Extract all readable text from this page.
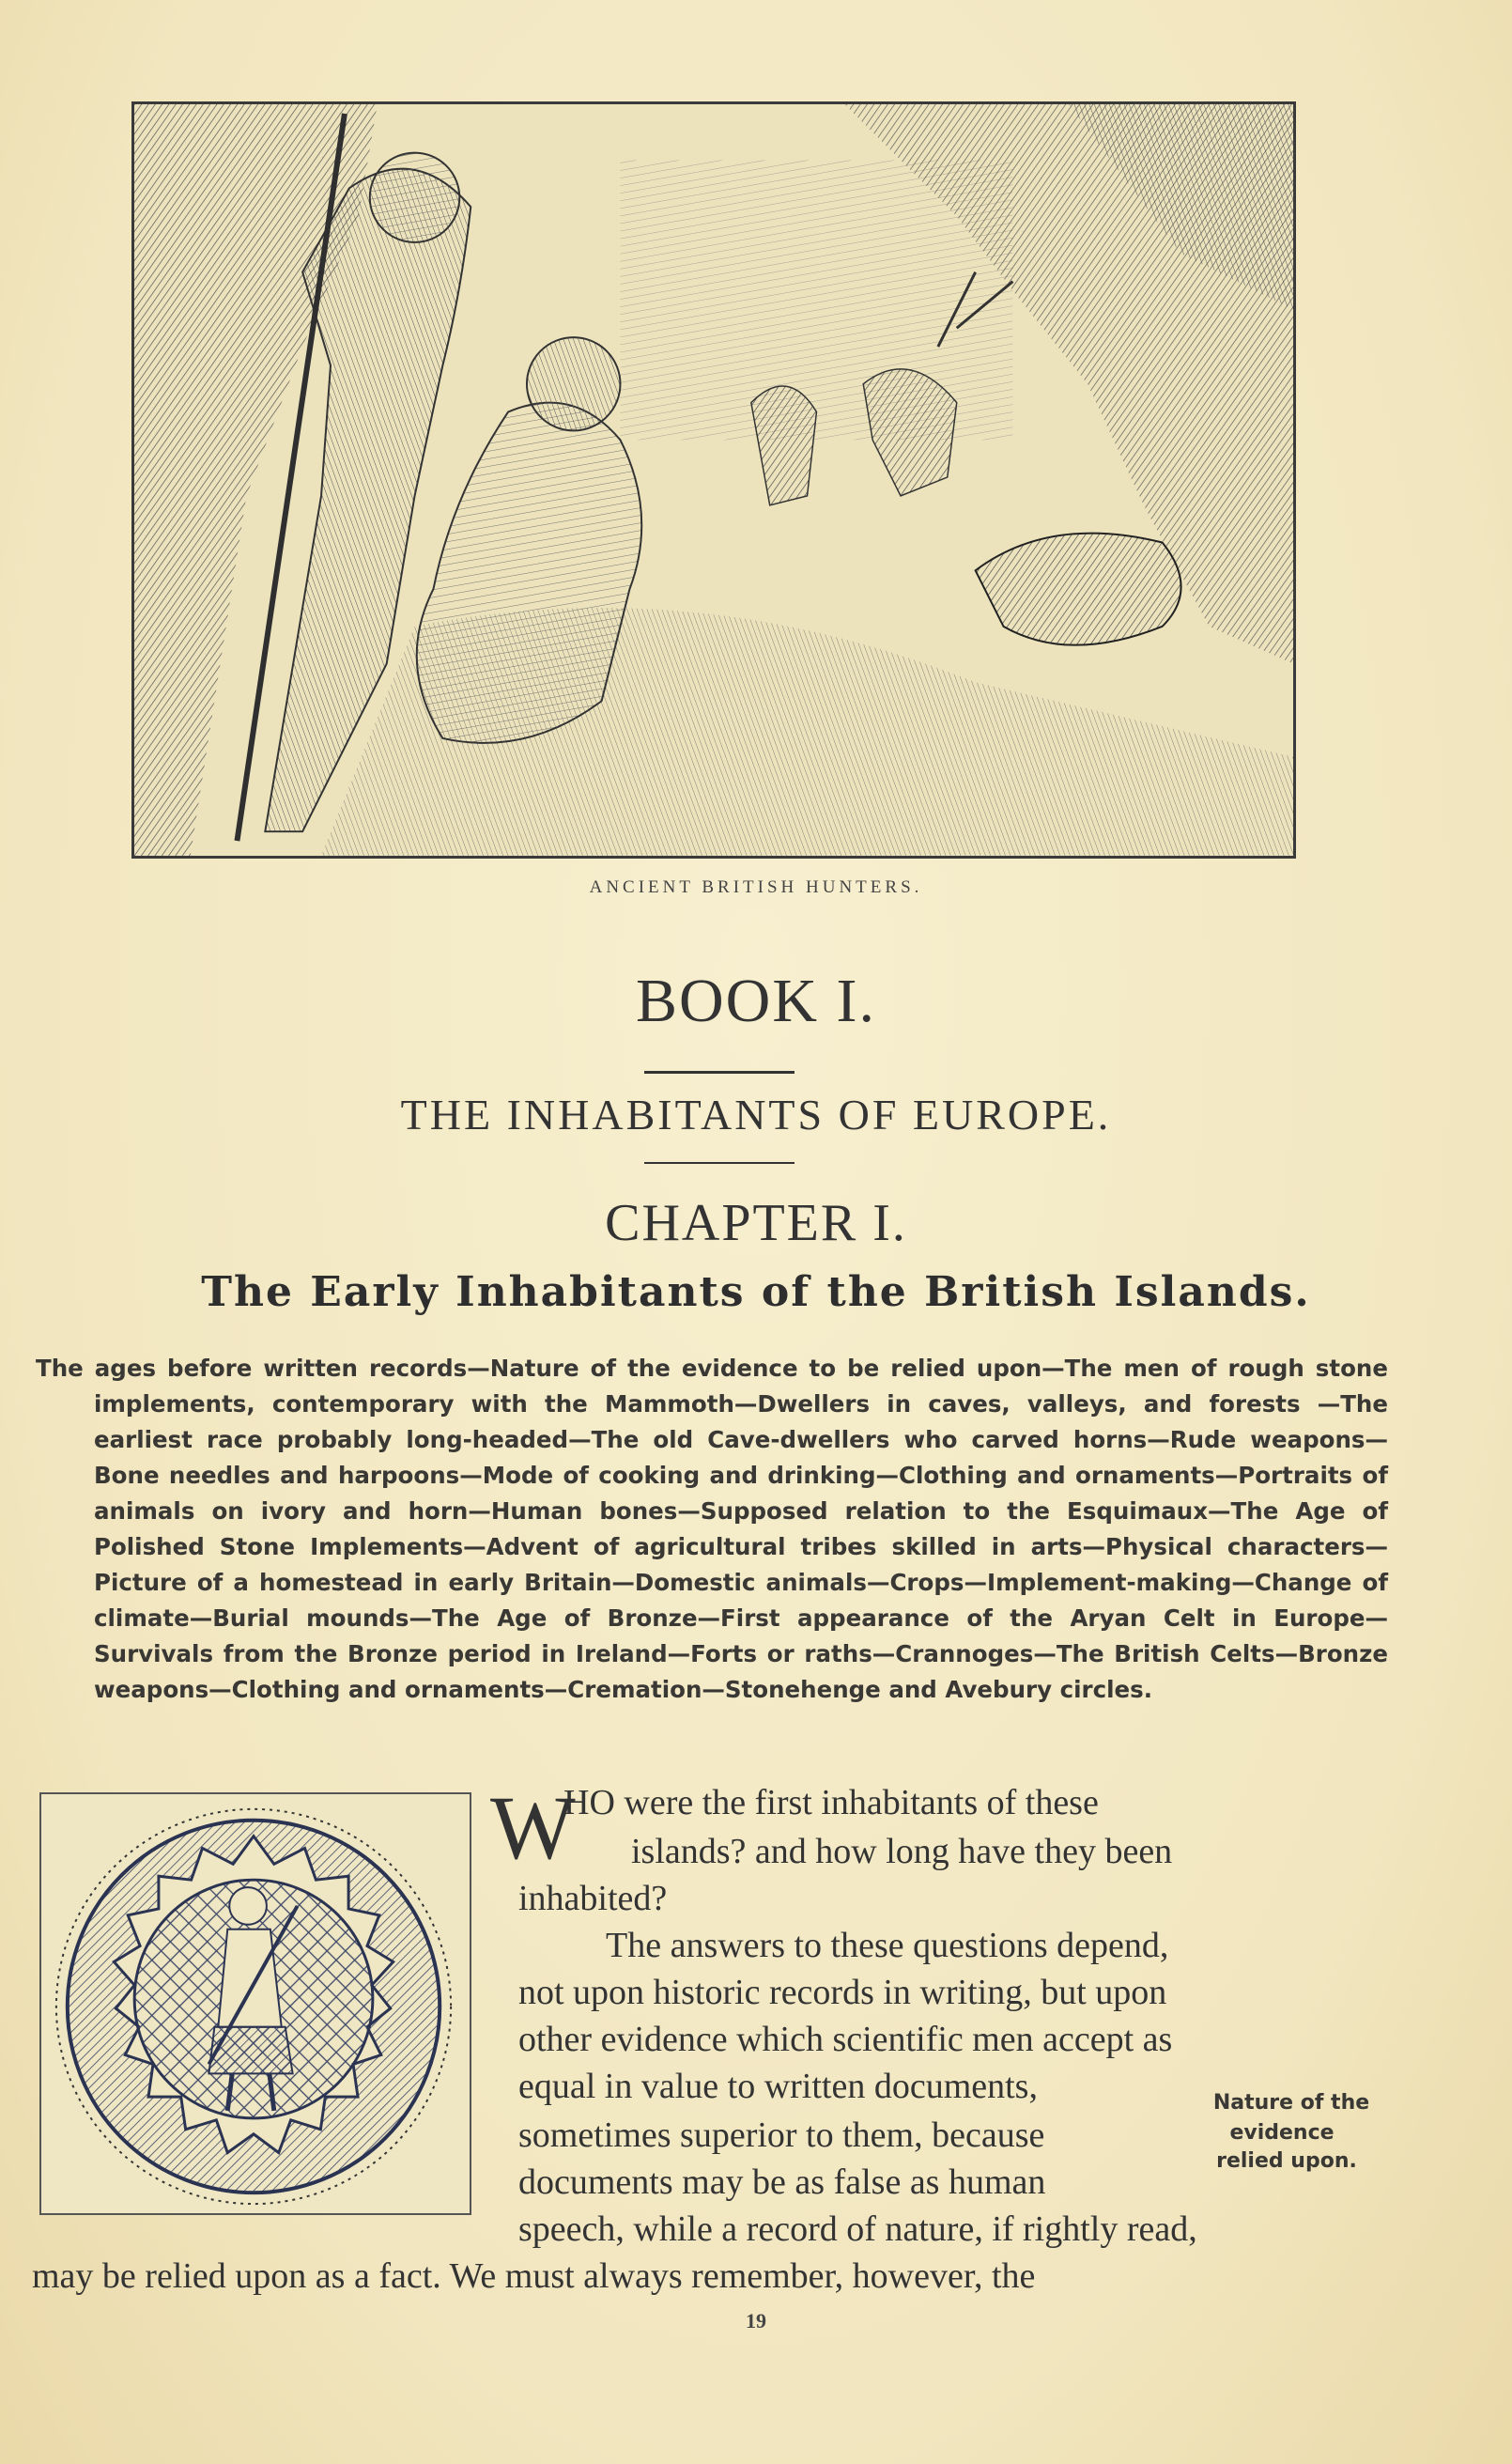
ANCIENT BRITISH HUNTERS.
BOOK I.
THE INHABITANTS OF EUROPE.
CHAPTER I.
The Early Inhabitants of the British Islands.
The ages before written records—Nature of the evidence to be relied upon—The men of rough stone implements, contemporary with the Mammoth—Dwellers in caves, valleys, and forests —The earliest race probably long-headed—The old Cave-dwellers who carved horns—Rude weapons—Bone needles and harpoons—Mode of cooking and drinking—Clothing and ornaments—Portraits of animals on ivory and horn—Human bones—Supposed relation to the Esquimaux—The Age of Polished Stone Implements—Advent of agricultural tribes skilled in arts—Physical characters—Picture of a homestead in early Britain—Domestic animals—Crops—Implement-making—Change of climate—Burial mounds—The Age of Bronze—First appearance of the Aryan Celt in Europe—Survivals from the Bronze period in Ireland—Forts or raths—Crannoges—The British Celts—Bronze weapons—Clothing and ornaments—Cremation—Stonehenge and Avebury circles.
W
HO were the first inhabitants of these
islands? and how long have they been
inhabited?
The answers to these questions depend,
not upon historic records in writing, but upon
other evidence which scientific men accept as
equal in value to written documents,
sometimes superior to them, because
documents may be as false as human
speech, while a record of nature, if rightly read,
may be relied upon as a fact. We must always remember, however, the
Nature of the
evidence
relied upon.
19
